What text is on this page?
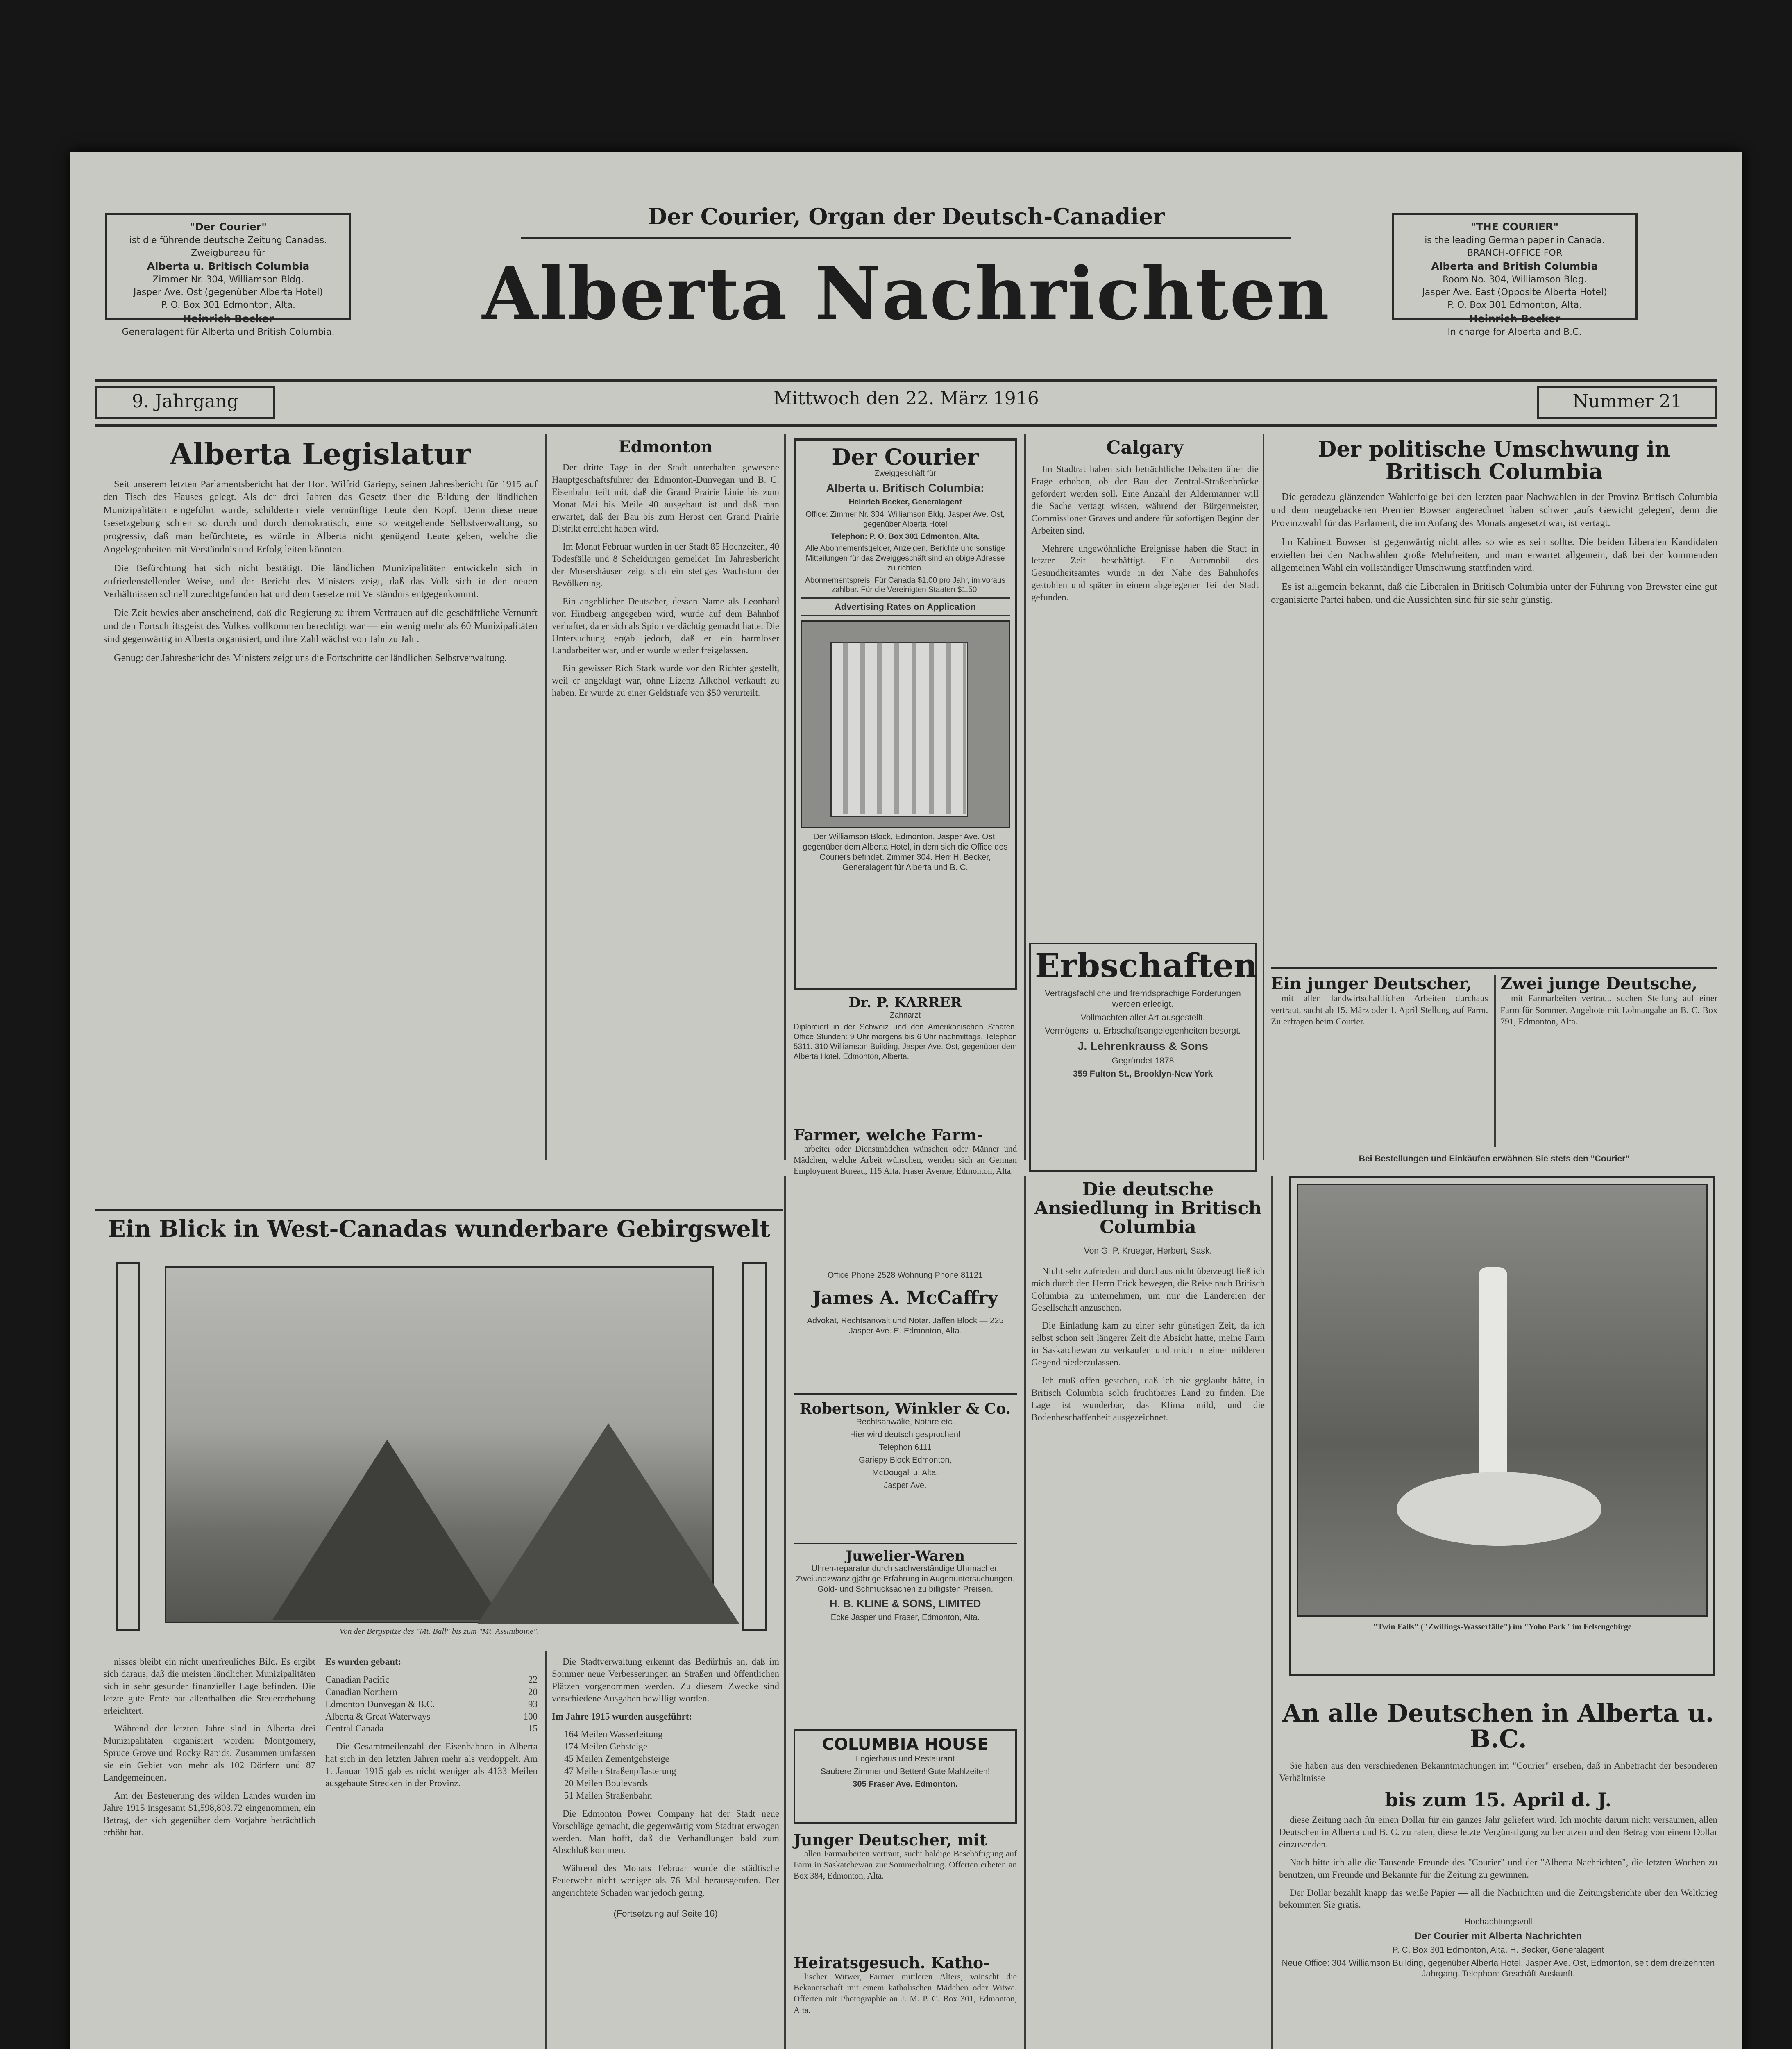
"Der Courier"

ist die führende deutsche Zeitung Canadas.

Zweigbureau für

Alberta u. Britisch Columbia

Zimmer Nr. 304, Williamson Bldg.

Jasper Ave. Ost (gegenüber Alberta Hotel)

P. O. Box 301 Edmonton, Alta.

Heinrich Becker

Generalagent für Alberta und British Columbia.

Der Courier, Organ der Deutsch-Canadier

Alberta Nachrichten

"THE COURIER"

is the leading German paper in Canada.

BRANCH-OFFICE FOR

Alberta and British Columbia

Room No. 304, Williamson Bldg.

Jasper Ave. East (Opposite Alberta Hotel)

P. O. Box 301 Edmonton, Alta.

Heinrich Becker

In charge for Alberta and B.C.

9. Jahrgang	Mittwoch den 22. März 1916	Nummer 21

Alberta Legislatur

Seit unserem letzten Parlamentsbericht hat der Hon. Wilfrid Gariepy, seinen Jahresbericht für 1915 auf den Tisch des Hauses gelegt. Als der drei Jahren das Gesetz über die Bildung der ländlichen Munizipalitäten eingeführt wurde, schilderten viele vernünftige Leute den Kopf. Denn diese neue Gesetzgebung schien so durch und durch demokratisch, eine so weitgehende Selbstverwaltung, so progressiv, daß man befürchtete, es würde in Alberta nicht genügend Leute geben, welche die Angelegenheiten mit Verständnis und Erfolg leiten könnten.

Die Befürchtung hat sich nicht bestätigt. Die ländlichen Munizipalitäten entwickeln sich in zufriedenstellender Weise, und der Bericht des Ministers zeigt, daß das Volk sich in den neuen Verhältnissen schnell zurechtgefunden hat und dem Gesetze mit Verständnis entgegenkommt.

Die Zeit bewies aber anscheinend, daß die Regierung zu ihrem Vertrauen auf die geschäftliche Vernunft und den Fortschrittsgeist des Volkes vollkommen berechtigt war — ein wenig mehr als 60 Munizipalitäten sind gegenwärtig in Alberta organisiert, und ihre Zahl wächst von Jahr zu Jahr.

Genug: der Jahresbericht des Ministers zeigt uns die Fortschritte der ländlichen Selbstverwaltung.

Edmonton

Der dritte Tage in der Stadt unterhalten gewesene Hauptgeschäftsführer der Edmonton-Dunvegan und B. C. Eisenbahn teilt mit, daß die Grand Prairie Linie bis zum Monat Mai bis Meile 40 ausgebaut ist und daß man erwartet, daß der Bau bis zum Herbst den Grand Prairie Distrikt erreicht haben wird.

Im Monat Februar wurden in der Stadt 85 Hochzeiten, 40 Todesfälle und 8 Scheidungen gemeldet. Im Jahresbericht der Mosershäuser zeigt sich ein stetiges Wachstum der Bevölkerung.

Ein angeblicher Deutscher, dessen Name als Leonhard von Hindberg angegeben wird, wurde auf dem Bahnhof verhaftet, da er sich als Spion verdächtig gemacht hatte. Die Untersuchung ergab jedoch, daß er ein harmloser Landarbeiter war, und er wurde wieder freigelassen.

Ein gewisser Rich Stark wurde vor den Richter gestellt, weil er angeklagt war, ohne Lizenz Alkohol verkauft zu haben. Er wurde zu einer Geldstrafe von $50 verurteilt.

Der Courier

Zweiggeschäft für

Alberta u. Britisch Columbia:

Heinrich Becker, Generalagent

Office: Zimmer Nr. 304, Williamson Bldg. Jasper Ave. Ost, gegenüber Alberta Hotel

Telephon: P. O. Box 301 Edmonton, Alta.

Alle Abonnementsgelder, Anzeigen, Berichte und sonstige Mitteilungen für das Zweiggeschäft sind an obige Adresse zu richten.

Abonnementspreis: Für Canada $1.00 pro Jahr, im voraus zahlbar. Für die Vereinigten Staaten $1.50.

Advertising Rates on Application

Der Williamson Block, Edmonton, Jasper Ave. Ost, gegenüber dem Alberta Hotel, in dem sich die Office des Couriers befindet. Zimmer 304. Herr H. Becker, Generalagent für Alberta und B. C.

Dr. P. KARRER

Zahnarzt

Diplomiert in der Schweiz und den Amerikanischen Staaten. Office Stunden: 9 Uhr morgens bis 6 Uhr nachmittags. Telephon 5311. 310 Williamson Building, Jasper Ave. Ost, gegenüber dem Alberta Hotel. Edmonton, Alberta.

Calgary

Im Stadtrat haben sich beträchtliche Debatten über die Frage erhoben, ob der Bau der Zentral-Straßenbrücke gefördert werden soll. Eine Anzahl der Aldermänner will die Sache vertagt wissen, während der Bürgermeister, Commissioner Graves und andere für sofortigen Beginn der Arbeiten sind.

Mehrere ungewöhnliche Ereignisse haben die Stadt in letzter Zeit beschäftigt. Ein Automobil des Gesundheitsamtes wurde in der Nähe des Bahnhofes gestohlen und später in einem abgelegenen Teil der Stadt gefunden.

Erbschaften

Vertragsfachliche und fremdsprachige Forderungen werden erledigt.

Vollmachten aller Art ausgestellt.

Vermögens- u. Erbschaftsangelegenheiten besorgt.

J. Lehrenkrauss & Sons

Gegründet 1878

359 Fulton St., Brooklyn-New York

Der politische Umschwung in Britisch Columbia

Die geradezu glänzenden Wahlerfolge bei den letzten paar Nachwahlen in der Provinz Britisch Columbia und dem neugebackenen Premier Bowser angerechnet haben schwer ‚aufs Gewicht gelegen', denn die Provinzwahl für das Parlament, die im Anfang des Monats angesetzt war, ist vertagt.

Im Kabinett Bowser ist gegenwärtig nicht alles so wie es sein sollte. Die beiden Liberalen Kandidaten erzielten bei den Nachwahlen große Mehrheiten, und man erwartet allgemein, daß bei der kommenden allgemeinen Wahl ein vollständiger Umschwung stattfinden wird.

Es ist allgemein bekannt, daß die Liberalen in Britisch Columbia unter der Führung von Brewster eine gut organisierte Partei haben, und die Aussichten sind für sie sehr günstig.

Ein junger Deutscher,

mit allen landwirtschaftlichen Arbeiten durchaus vertraut, sucht ab 15. März oder 1. April Stellung auf Farm. Zu erfragen beim Courier.

Zwei junge Deutsche,

mit Farmarbeiten vertraut, suchen Stellung auf einer Farm für Sommer. Angebote mit Lohnangabe an B. C. Box 791, Edmonton, Alta.

Bei Bestellungen und Einkäufen erwähnen Sie stets den "Courier"

"Twin Falls" ("Zwillings-Wasserfälle") im "Yoho Park" im Felsengebirge

Ein Blick in West-Canadas wunderbare Gebirgswelt

Von der Bergspitze des "Mt. Ball" bis zum "Mt. Assiniboine".

Die deutsche Ansiedlung in Britisch Columbia

Von G. P. Krueger, Herbert, Sask.

Nicht sehr zufrieden und durchaus nicht überzeugt ließ ich mich durch den Herrn Frick bewegen, die Reise nach Britisch Columbia zu unternehmen, um mir die Ländereien der Gesellschaft anzusehen.

Die Einladung kam zu einer sehr günstigen Zeit, da ich selbst schon seit längerer Zeit die Absicht hatte, meine Farm in Saskatchewan zu verkaufen und mich in einer milderen Gegend niederzulassen.

Ich muß offen gestehen, daß ich nie geglaubt hätte, in Britisch Columbia solch fruchtbares Land zu finden. Die Lage ist wunderbar, das Klima mild, und die Bodenbeschaffenheit ausgezeichnet.

Farmer, welche Farm-

arbeiter oder Dienstmädchen wünschen oder Männer und Mädchen, welche Arbeit wünschen, wenden sich an German Employment Bureau, 115 Alta. Fraser Avenue, Edmonton, Alta.

Office Phone 2528 Wohnung Phone 81121

James A. McCaffry

Advokat, Rechtsanwalt und Notar. Jaffen Block — 225 Jasper Ave. E. Edmonton, Alta.

Robertson, Winkler & Co.

Rechtsanwälte, Notare etc.

Hier wird deutsch gesprochen!

Telephon 6111

Gariepy Block Edmonton,

McDougall u. Alta.

Jasper Ave.

Juwelier-Waren

Uhren-reparatur durch sachverständige Uhrmacher. Zweiundzwanzigjährige Erfahrung in Augenuntersuchungen. Gold- und Schmucksachen zu billigsten Preisen.

H. B. KLINE & SONS, LIMITED

Ecke Jasper und Fraser, Edmonton, Alta.

COLUMBIA HOUSE

Logierhaus und Restaurant

Saubere Zimmer und Betten! Gute Mahlzeiten!

305 Fraser Ave. Edmonton.

Junger Deutscher, mit

allen Farmarbeiten vertraut, sucht baldige Beschäftigung auf Farm in Saskatchewan zur Sommerhaltung. Offerten erbeten an Box 384, Edmonton, Alta.

Heiratsgesuch. Katho-

lischer Witwer, Farmer mittleren Alters, wünscht die Bekanntschaft mit einem katholischen Mädchen oder Witwe. Offerten mit Photographie an J. M. P. C. Box 301, Edmonton, Alta.

Die Stadtverwaltung erkennt das Bedürfnis an, daß im Sommer neue Verbesserungen an Straßen und öffentlichen Plätzen vorgenommen werden. Zu diesem Zwecke sind verschiedene Ausgaben bewilligt worden.

Im Jahre 1915 wurden ausgeführt:

164 Meilen Wasserleitung
174 Meilen Gehsteige
45 Meilen Zementgehsteige
47 Meilen Straßenpflasterung
20 Meilen Boulevards
51 Meilen Straßenbahn

Die Edmonton Power Company hat der Stadt neue Vorschläge gemacht, die gegenwärtig vom Stadtrat erwogen werden. Man hofft, daß die Verhandlungen bald zum Abschluß kommen.

Während des Monats Februar wurde die städtische Feuerwehr nicht weniger als 76 Mal herausgerufen. Der angerichtete Schaden war jedoch gering.

(Fortsetzung auf Seite 16)

nisses bleibt ein nicht unerfreuliches Bild. Es ergibt sich daraus, daß die meisten ländlichen Munizipalitäten sich in sehr gesunder finanzieller Lage befinden. Die letzte gute Ernte hat allenthalben die Steuererhebung erleichtert.

Während der letzten Jahre sind in Alberta drei Munizipalitäten organisiert worden: Montgomery, Spruce Grove und Rocky Rapids. Zusammen umfassen sie ein Gebiet von mehr als 102 Dörfern und 87 Landgemeinden.

Am der Besteuerung des wilden Landes wurden im Jahre 1915 insgesamt $1,598,803.72 eingenommen, ein Betrag, der sich gegenüber dem Vorjahre beträchtlich erhöht hat.

Es wurden gebaut:

Canadian Pacific	22
Canadian Northern	20
Edmonton Dunvegan & B.C.	93
Alberta & Great Waterways	100
Central Canada	15

Die Gesamtmeilenzahl der Eisenbahnen in Alberta hat sich in den letzten Jahren mehr als verdoppelt. Am 1. Januar 1915 gab es nicht weniger als 4133 Meilen ausgebaute Strecken in der Provinz.

An alle Deutschen in Alberta u. B.C.

Sie haben aus den verschiedenen Bekanntmachungen im "Courier" ersehen, daß in Anbetracht der besonderen Verhältnisse

bis zum 15. April d. J.

diese Zeitung nach für einen Dollar für ein ganzes Jahr geliefert wird. Ich möchte darum nicht versäumen, allen Deutschen in Alberta und B. C. zu raten, diese letzte Vergünstigung zu benutzen und den Betrag von einem Dollar einzusenden.

Nach bitte ich alle die Tausende Freunde des "Courier" und der "Alberta Nachrichten", die letzten Wochen zu benutzen, um Freunde und Bekannte für die Zeitung zu gewinnen.

Der Dollar bezahlt knapp das weiße Papier — all die Nachrichten und die Zeitungsberichte über den Weltkrieg bekommen Sie gratis.

Hochachtungsvoll

Der Courier mit Alberta Nachrichten

P. C. Box 301 Edmonton, Alta. H. Becker, Generalagent

Neue Office: 304 Williamson Building, gegenüber Alberta Hotel, Jasper Ave. Ost, Edmonton, seit dem dreizehnten Jahrgang. Telephon: Geschäft-Auskunft.
